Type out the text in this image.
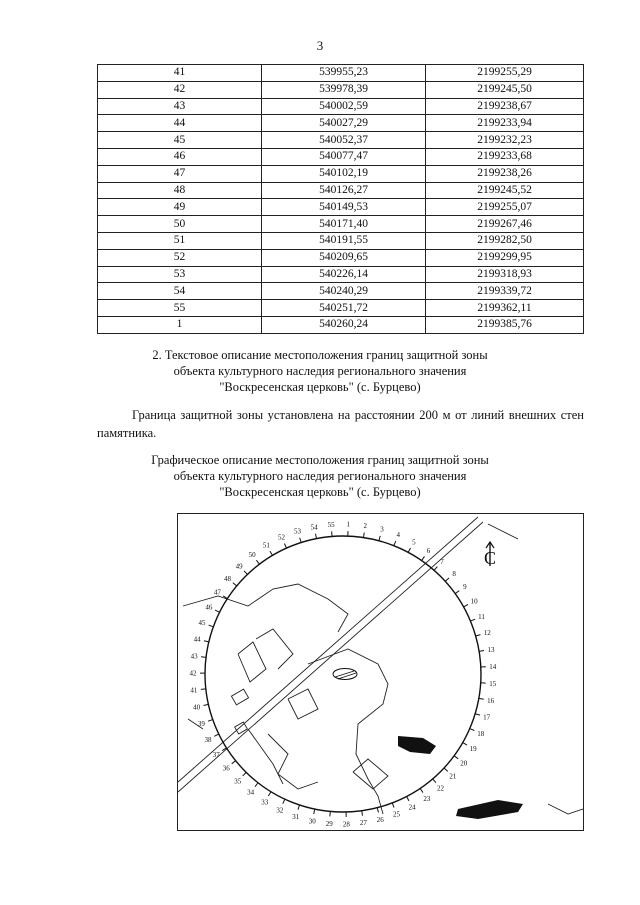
3
41	539955,23	2199255,29
42	539978,39	2199245,50
43	540002,59	2199238,67
44	540027,29	2199233,94
45	540052,37	2199232,23
46	540077,47	2199233,68
47	540102,19	2199238,26
48	540126,27	2199245,52
49	540149,53	2199255,07
50	540171,40	2199267,46
51	540191,55	2199282,50
52	540209,65	2199299,95
53	540226,14	2199318,93
54	540240,29	2199339,72
55	540251,72	2199362,11
1	540260,24	2199385,76
2. Текстовое описание местоположения границ защитной зоны
объекта культурного наследия регионального значения
"Воскресенская церковь" (с. Бурцево)
Граница защитной зоны установлена на расстоянии 200 м от линий внешних стен
памятника.
Графическое описание местоположения границ защитной зоны
объекта культурного наследия регионального значения
"Воскресенская церковь" (с. Бурцево)
1 2 3
4
5
6
7
8
9
10
11
12
13
14
15
16
17
18
19
20
21
22
23
24
25
26
27
28
29
30
31
32
33
34
35
36
37
38
39
40
41
42
43
44
45
46
47
48
49
50
51
52
53
54 55
С
